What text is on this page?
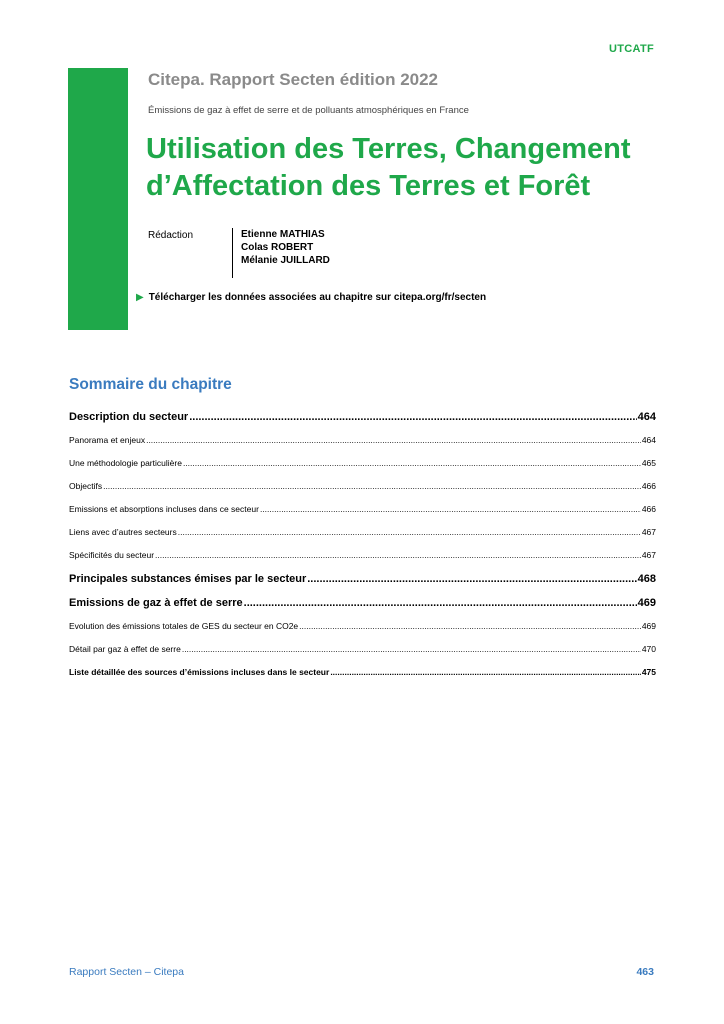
UTCATF
Citepa. Rapport Secten édition 2022
Émissions de gaz à effet de serre et de polluants atmosphériques en France
Utilisation des Terres, Changement
d’Affectation des Terres et Forêt
Rédaction	Etienne MATHIAS
Colas ROBERT
Mélanie JUILLARD
▶ Télécharger les données associées au chapitre sur citepa.org/fr/secten
Sommaire du chapitre
Description du secteur .....	464
Panorama et enjeux .....	464
Une méthodologie particulière .....	465
Objectifs .....	466
Emissions et absorptions incluses dans ce secteur .....	466
Liens avec d’autres secteurs .....	467
Spécificités du secteur .....	467
Principales substances émises par le secteur .....	468
Emissions de gaz à effet de serre .....	469
Evolution des émissions totales de GES du secteur en CO2e .....	469
Détail par gaz à effet de serre .....	470
Liste détaillée des sources d’émissions incluses dans le secteur .....	475
Rapport Secten – Citepa	463
